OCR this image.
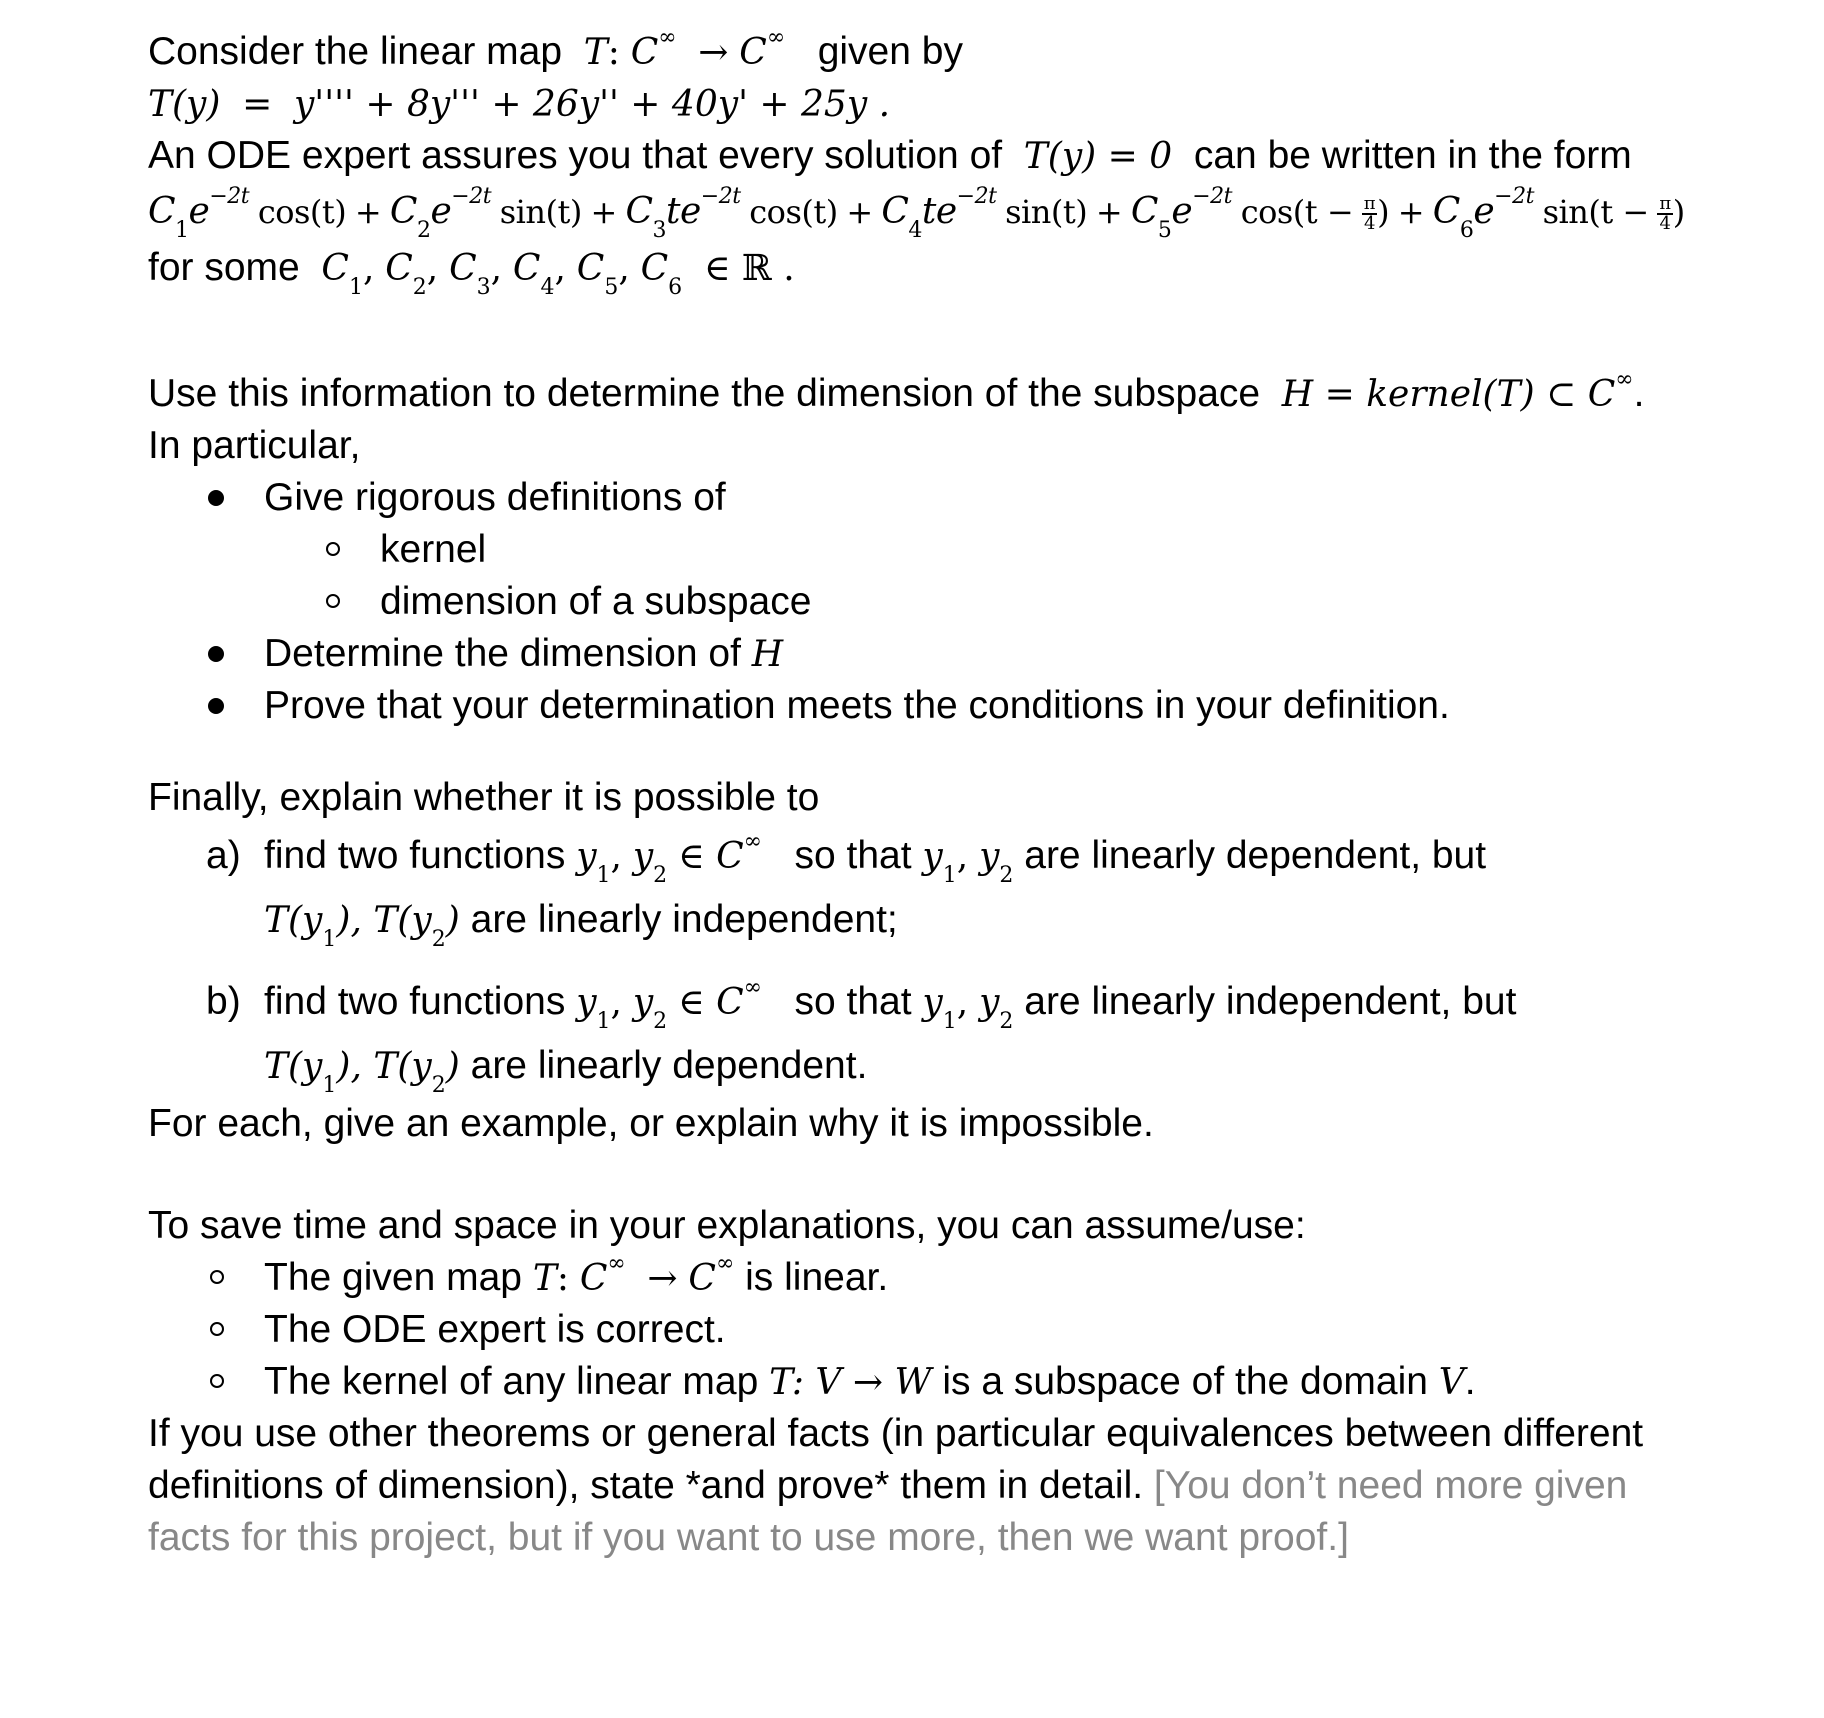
Consider the linear map T: C∞ → C∞ given by
T(y) = y'''' + 8y''' + 26y'' + 40y' + 25y .
An ODE expert assures you that every solution of T(y) = 0 can be written in the form
$C_1e^{-2t}$ $\cos(t) + C_2e^{-2t}$ $\sin(t) + C_3te^{-2t}$ $\cos(t) + C_4te^{-2t}$ $\sin(t) + C_5e^{-2t}$ $\cos(t - \frac{\pi}{4}$ ) + $C_6e^{-2t}$ $\sin(t - \frac{\pi}{4}$ )
for some $C_1$, $C_2$, $C_3$, $C_4$, $C_5$, $C_6$ ∈ ℝ .
Use this information to determine the dimension of the subspace H = kernel(T) ⊂ C∞.
In particular,
Give rigorous definitions of
kernel
dimension of a subspace
Determine the dimension of H
Prove that your determination meets the conditions in your definition.
Finally, explain whether it is possible to
a) find two functions $y_1$, $y_2$ ∈ C∞ so that $y_1$, $y_2$ are linearly dependent, but
$T(y_1)$, $T(y_2)$ are linearly independent;
b) find two functions $y_1$, $y_2$ ∈ C∞ so that $y_1$, $y_2$ are linearly independent, but
$T(y_1)$, $T(y_2)$ are linearly dependent.
For each, give an example, or explain why it is impossible.
To save time and space in your explanations, you can assume/use:
The given map T: C∞ → C∞ is linear.
The ODE expert is correct.
The kernel of any linear map T: V → W is a subspace of the domain V.
If you use other theorems or general facts (in particular equivalences between different
definitions of dimension), state *and prove* them in detail. [You don’t need more given
facts for this project, but if you want to use more, then we want proof.]
